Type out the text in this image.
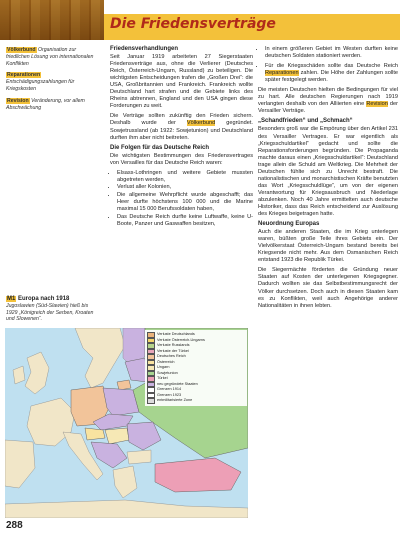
Die Friedensverträge
Völkerbund Organisation zur friedlichen Lösung von internationalen Konflikten
Reparationen Entschädigungszahlungen für Kriegskosten
Revision Veränderung, vor allem Abschwächung
Friedensverhandlungen

Seit Januar 1919 arbeiteten 27 Siegerstaaten Friedensverträge aus, ohne die Verlierer (Deutsches Reich, Österreich-Ungarn, Russland) zu beteiligen. Die wichtigsten Entscheidungen trafen die „Großen Drei“: die USA, Großbritannien und Frankreich. Frankreich wollte Deutschland hart strafen und die Gebiete links des Rheins abtrennen, England und den USA gingen diese Forderungen zu weit.

Die Verträge sollten zukünftig den Frieden sichern. Deshalb wurde der Völkerbund gegründet. Sowjetrussland (ab 1922: Sowjetunion) und Deutschland durften ihm aber nicht beitreten.

Die Folgen für das Deutsche Reich

Die wichtigsten Bestimmungen des Friedensvertrages von Versailles für das Deutsche Reich waren:

• Elsass-Lothringen und weitere Gebiete mussten abgetreten werden,
• Verlust aller Kolonien,
• Die allgemeine Wehrpflicht wurde abgeschafft; das Heer durfte höchstens 100 000 und die Marine maximal 15 000 Berufssoldaten haben,
• Das Deutsche Reich durfte keine Luftwaffe, keine U-Boote, Panzer und Gaswaffen besitzen,
• In einem größeren Gebiet im Westen durften keine deutschen Soldaten stationiert werden.
• Für die Kriegsschäden sollte das Deutsche Reich Reparationen zahlen. Die Höhe der Zahlungen sollte später festgelegt werden.

Die meisten Deutschen hielten die Bedingungen für viel zu hart. Alle deutschen Regierungen nach 1919 verlangten deshalb von den Alliierten eine Revision der Versailler Verträge.

„Schandfrieden“ und „Schmach“

Besonders groß war die Empörung über den Artikel 231 des Versailler Vertrages. Er war eigentlich als „Kriegsschuldartikel“ gedacht und sollte die Reparationsforderungen begründen. Die Propaganda machte daraus einen „Kriegsschuldartikel“: Deutschland trage allein die Schuld am Weltkrieg. Die Mehrheit der Deutschen fühlte sich zu Unrecht bestraft. Die nationalistischen und monarchistischen Kräfte benutzten das Wort „Kriegsschuldlüge“, um von der eigenen Verantwortung für Kriegsausbruch und Niederlage abzulenken. Noch 40 Jahre ermittelten auch deutsche Historiker, dass das Reich entscheidend zur Auslösung des Krieges beigetragen hatte.

Neuordnung Europas

Auch die anderen Staaten, die im Krieg unterlegen waren, büßten große Teile ihres Gebiets ein. Der Vielvölkerstaat Österreich-Ungarn bestand bereits bei Kriegsende nicht mehr. Aus dem Osmanischen Reich entstand 1923 die Republik Türkei.

Die Siegermächte förderten die Gründung neuer Staaten auf Kosten der unterlegenen Kriegsgegner. Dadurch wollten sie das Selbstbestimmungsrecht der Völker durchsetzen. Doch auch in diesen Staaten kam es zu Konflikten, weil auch Angehörige anderer Nationalitäten in ihnen lebten.

M1 Europa nach 1918
Jugoslawien (Süd-Slawien) hieß bis 1929 „Königreich der Serben, Kroaten und Slowenen“.
Verluste Deutschlands
Verluste Österreich-Ungarns
Verluste Russlands
Verluste der Türkei
Deutsches Reich
Österreich
Ungarn
Sowjetunion
Türkei
neu gegründete Staaten
Grenzen 1914
Grenzen 1923
entmilitarisierte Zone

288
